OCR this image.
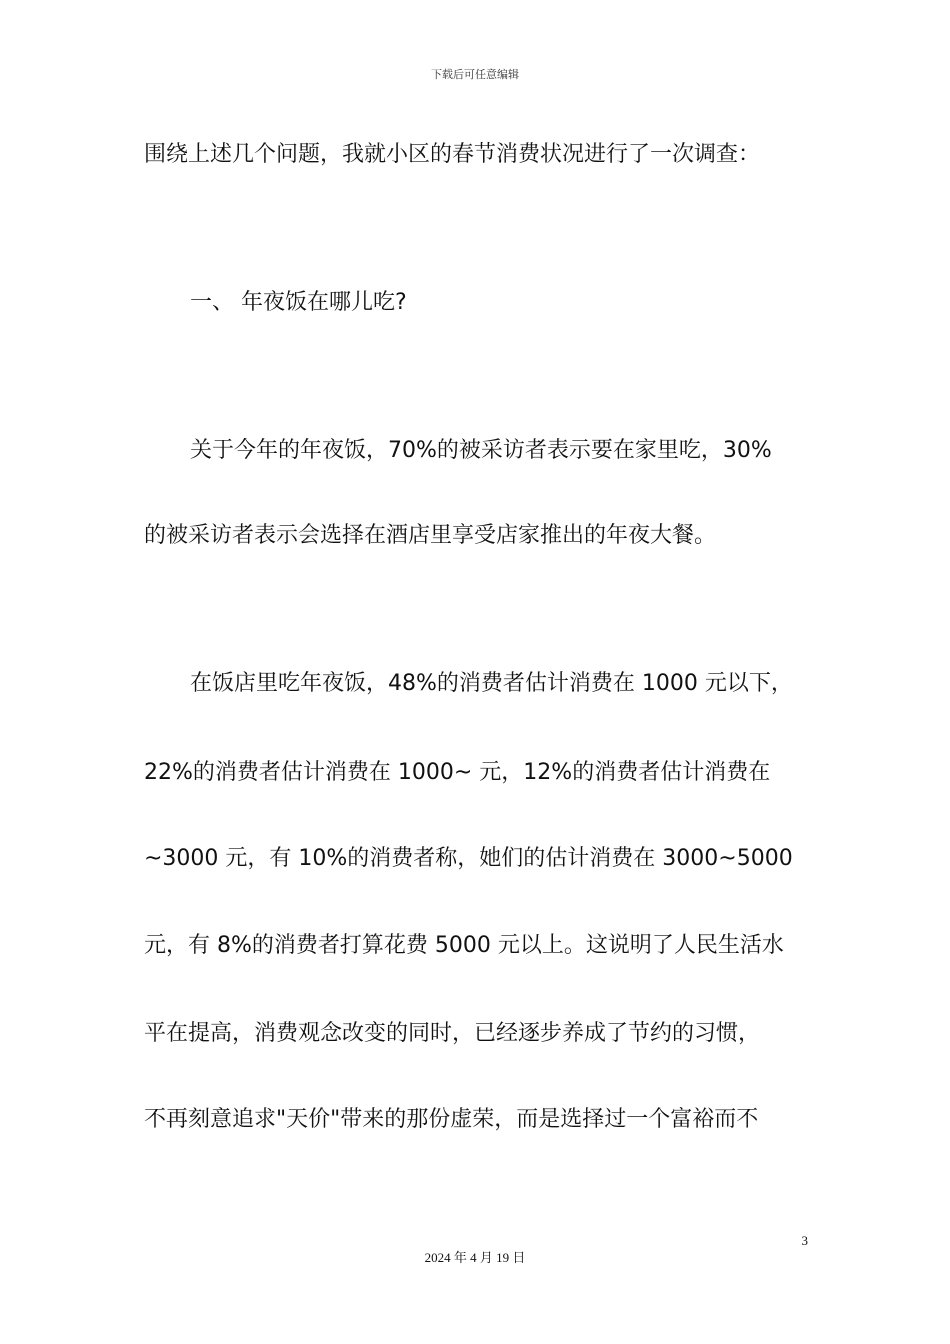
下载后可任意编辑
围绕上述几个问题，我就小区的春节消费状况进行了一次调查：
一、 年夜饭在哪儿吃?
关于今年的年夜饭，70%的被采访者表示要在家里吃，30%
的被采访者表示会选择在酒店里享受店家推出的年夜大餐。
在饭店里吃年夜饭，48%的消费者估计消费在 1000 元以下，
22%的消费者估计消费在 1000~ 元，12%的消费者估计消费在
~3000 元，有 10%的消费者称，她们的估计消费在 3000~5000
元，有 8%的消费者打算花费 5000 元以上。这说明了人民生活水
平在提高，消费观念改变的同时，已经逐步养成了节约的习惯，
不再刻意追求"天价"带来的那份虚荣，而是选择过一个富裕而不
3
2024 年 4 月 19 日
